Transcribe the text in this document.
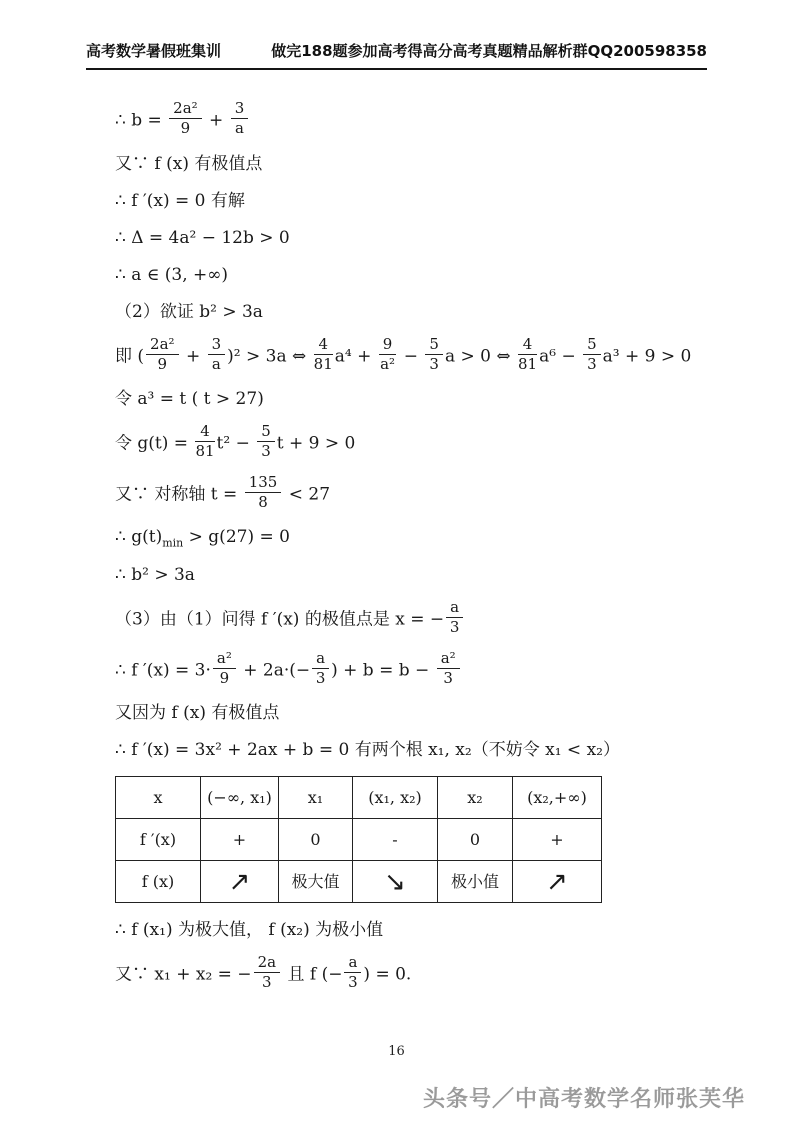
高考数学暑假班集训	做完188题参加高考得高分高考真题精品解析群QQ200598358
∴ $b = \frac{\text{2a²}}{9} + \frac{3}{a}$
又∵ f (x) 有极值点
∴ f ′(x) = 0 有解
∴ Δ = 4a² − 12b > 0
∴ a ∈ (3, +∞)
（2）欲证 b² > 3a
即 ( $\frac{\text{2a²}}{9} + \frac{3}{a} )^2 > 3a$ ⇔ $\frac{4}{81} a^4 + \frac{9}{\text{a²}} - \frac{5}{3}$ a > 0 ⇔ $\frac{4}{81} a^6 - \frac{5}{3} a^3 + 9 > 0$
令 a³ = t ( t > 27)
令 $g(t) = \frac{4}{81} t^2 - \frac{5}{3}$ t + 9 > 0
又∵ 对称轴 $t = \frac{135}{8} < 27$
∴ $g(t)_{min} > g(27) = 0$
∴ b² > 3a
（3）由（1）问得 f ′(x) 的极值点是 x = − $\frac{a}{3}$
∴ f $'(x) = 3\cdot \frac{\text{a²}}{9} + 2a\cdot(- \frac{a}{3}$ ) + $b = b - \frac{\text{a²}}{3}$
又因为 f (x) 有极值点
∴ f ′(x) = 3x² + 2ax + b = 0 有两个根 x₁, x₂（不妨令 x₁ < x₂）
x	(−∞, x₁)	x₁	(x₁, x₂)	x₂	(x₂,+∞)
f ′(x)	+	0	-	0	+
f (x)	↗	极大值	↘	极小值	↗
∴ f (x₁) 为极大值， f (x₂) 为极小值
又∵ x₁ + x₂ = − $\frac{2a}{3}$ 且 f (− $\frac{a}{3}$ ) = 0.
16
头条号／中高考数学名师张芙华
